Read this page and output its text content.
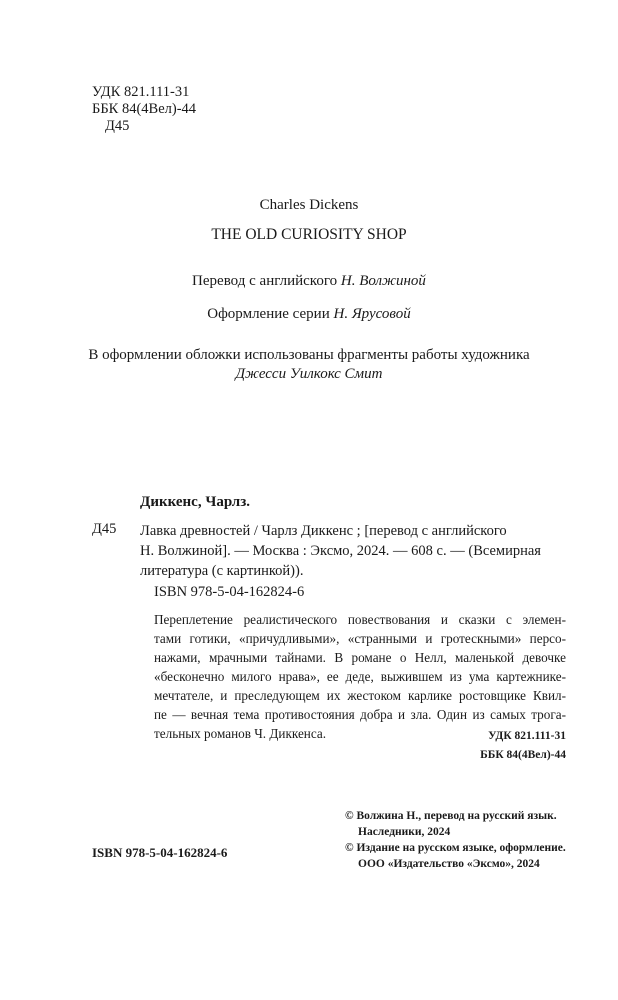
УДК 821.111-31
ББК 84(4Вел)-44
Д45
Charles Dickens
THE OLD CURIOSITY SHOP
Перевод с английского Н. Волжиной
Оформление серии Н. Ярусовой
В оформлении обложки использованы фрагменты работы художника
Джесси Уилкокс Смит
Диккенс, Чарлз.
Д45 Лавка древностей / Чарлз Диккенс ; [перевод с английского
Н. Волжиной]. — Москва : Эксмо, 2024. — 608 с. — (Всемирная
литература (с картинкой)).
ISBN 978-5-04-162824-6
Переплетение реалистического повествования и сказки с элемен-
тами готики, «причудливыми», «странными и гротескными» персо-
нажами, мрачными тайнами. В романе о Нелл, маленькой девочке
«бесконечно милого нрава», ее деде, выжившем из ума картежнике-
мечтателе, и преследующем их жестоком карлике ростовщике Квил-
пе — вечная тема противостояния добра и зла. Один из самых трога-
тельных романов Ч. Диккенса.	УДК 821.111-31
ББК 84(4Вел)-44
© Волжина Н., перевод на русский язык.
Наследники, 2024
© Издание на русском языке, оформление.
ООО «Издательство «Эксмо», 2024
ISBN 978-5-04-162824-6
